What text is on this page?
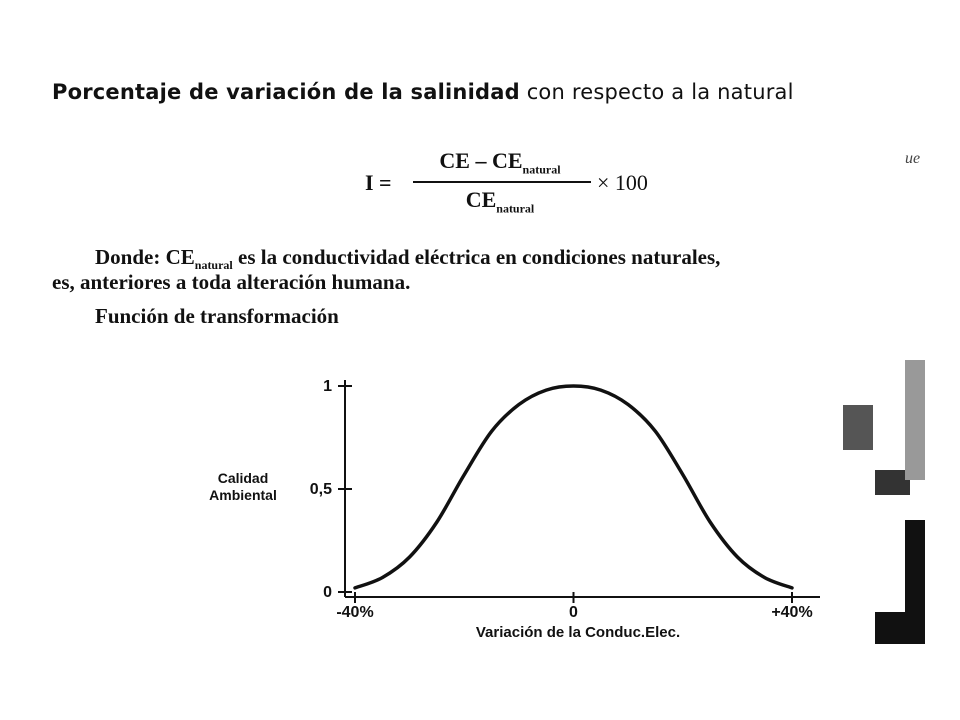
Porcentaje de variación de la salinidad con respecto a la natural
I =
CE – $CE_{natural}$
$CE_{natural}$
× 100
ue
Donde: $CE_{natural}$ es la conductividad eléctrica en condiciones naturales,
es, anteriores a toda alteración humana.
Función de transformación
Calidad
Ambiental
0
0,5
1
-40%	0	+40%
Variación de la Conduc.Elec.
